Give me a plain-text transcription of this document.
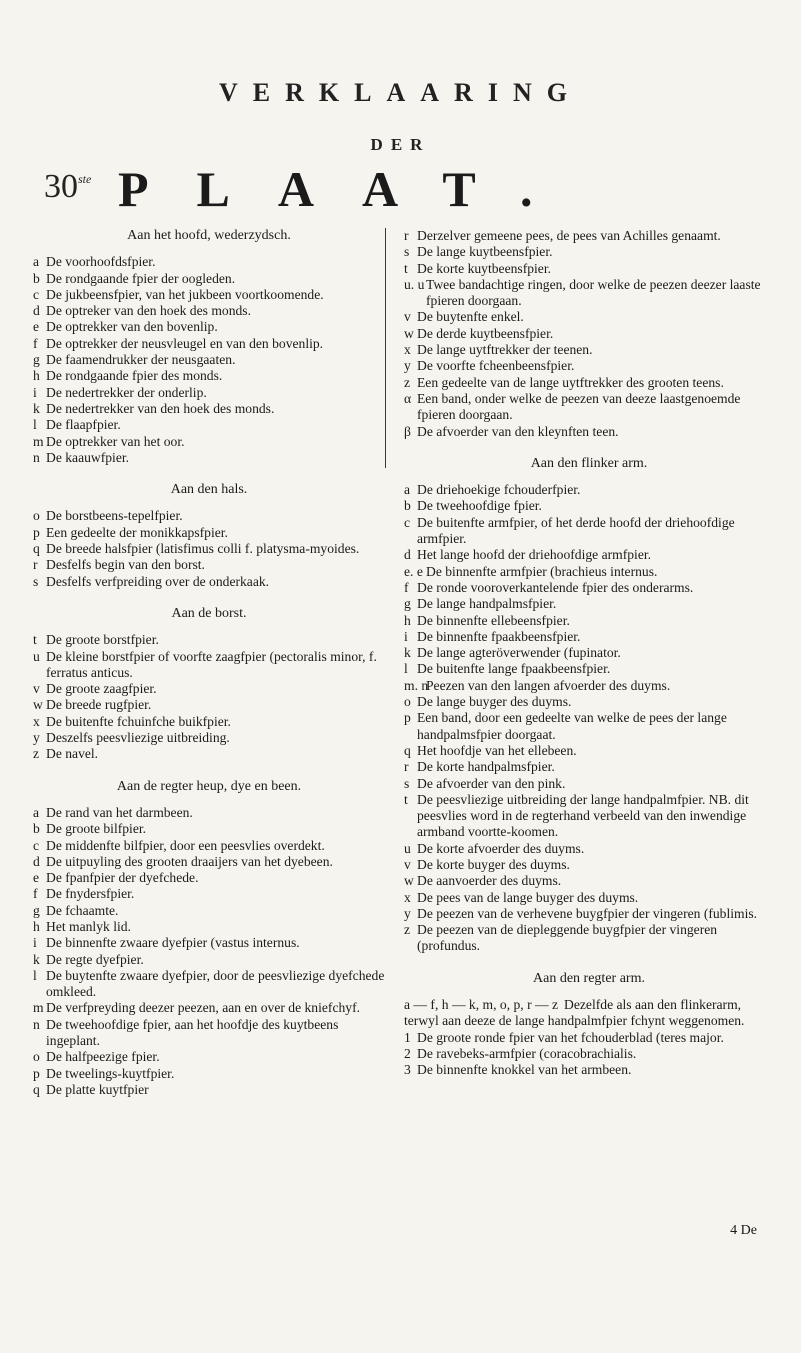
VERKLAARING
DER
30ste PLAAT.
Aan het hoofd, wederzydsch.
a De voorhoofdsfpier.
b De rondgaande fpier der oogleden.
c De jukbeensfpier, van het jukbeen voortkoomende.
d De optreker van den hoek des monds.
e De optrekker van den bovenlip.
f De optrekker der neusvleugel en van den bovenlip.
g De faamendrukker der neusgaaten.
h De rondgaande fpier des monds.
i De nedertrekker der onderlip.
k De nedertrekker van den hoek des monds.
l De flaapfpier.
m De optrekker van het oor.
n De kaauwfpier.
Aan den hals.
o De borstbeens-tepelfpier.
p Een gedeelte der monikkapsfpier.
q De breede halsfpier (latisfimus colli f. platysma-myoides.
r Desfelfs begin van den borst.
s Desfelfs verfpreiding over de onderkaak.
Aan de borst.
t De groote borstfpier.
u De kleine borstfpier of voorfte zaagfpier (pectoralis minor, f. ferratus anticus.
v De groote zaagfpier.
w De breede rugfpier.
x De buitenfte fchuinfche buikfpier.
y Deszelfs peesvliezige uitbreiding.
z De navel.
Aan de regter heup, dye en been.
a De rand van het darmbeen.
b De groote bilfpier.
c De middenfte bilfpier, door een peesvlies overdekt.
d De uitpuyling des grooten draaijers van het dyebeen.
e De fpanfpier der dyefchede.
f De fnydersfpier.
g De fchaamte.
h Het manlyk lid.
i De binnenfte zwaare dyefpier (vastus internus.
k De regte dyefpier.
l De buytenfte zwaare dyefpier, door de peesvliezige dyefchede omkleed.
m De verfpreyding deezer peezen, aan en over de kniefchyf.
n De tweehoofdige fpier, aan het hoofdje des kuytbeens ingeplant.
o De halfpeezige fpier.
p De tweelings-kuytfpier.
q De platte kuytfpier
r Derzelver gemeene pees, de pees van Achilles genaamt.
s De lange kuytbeensfpier.
t De korte kuytbeensfpier.
u. u Twee bandachtige ringen, door welke de peezen deezer laaste fpieren doorgaan.
v De buytenfte enkel.
w De derde kuytbeensfpier.
x De lange uytftrekker der teenen.
y De voorfte fcheenbeensfpier.
z Een gedeelte van de lange uytftrekker des grooten teens.
α Een band, onder welke de peezen van deeze laastgenoemde fpieren doorgaan.
β De afvoerder van den kleynften teen.
Aan den flinker arm.
a De driehoekige fchouderfpier.
b De tweehoofdige fpier.
c De buitenfte armfpier, of het derde hoofd der driehoofdige armfpier.
d Het lange hoofd der driehoofdige armfpier.
e. e De binnenfte armfpier (brachieus internus.
f De ronde vooroverkantelende fpier des onderarms.
g De lange handpalmsfpier.
h De binnenfte ellebeensfpier.
i De binnenfte fpaakbeensfpier.
k De lange agteröverwender (fupinator.
l De buitenfte lange fpaakbeensfpier.
m. n
Peezen van den langen afvoerder des duyms.
o De lange buyger des duyms.
p Een band, door een gedeelte van welke de pees der lange handpalmsfpier doorgaat.
q Het hoofdje van het ellebeen.
r De korte handpalmsfpier.
s De afvoerder van den pink.
t De peesvliezige uitbreiding der lange handpalmfpier. NB. dit peesvlies word in de regterhand verbeeld van den inwendige armband voortte-koomen.
u De korte afvoerder des duyms.
v De korte buyger des duyms.
w De aanvoerder des duyms.
x De pees van de lange buyger des duyms.
y De peezen van de verhevene buygfpier der vingeren (fublimis.
z De peezen van de diepleggende buygfpier der vingeren (profundus.
Aan den regter arm.
a — f, h — k, m, o, p, r — z Dezelfde als aan den flinkerarm, terwyl aan deeze de lange handpalmfpier fchynt weggenomen.
1 De groote ronde fpier van het fchouderblad (teres major.
2 De ravebeks-armfpier (coracobrachialis.
3 De binnenfte knokkel van het armbeen.
4 De
